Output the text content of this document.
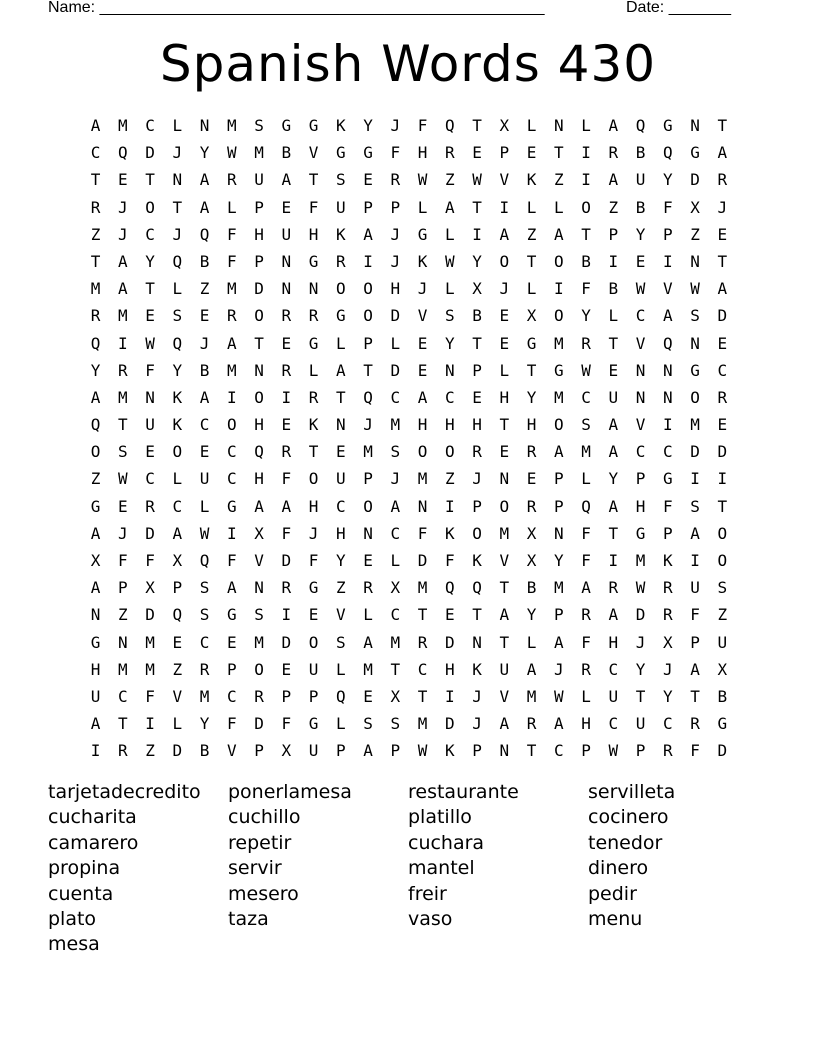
Name: __________________________________________________	Date: _______
Spanish Words 430
A	M	C	L	N	M	S	G	G	K	Y	J	F	Q	T	X	L	N	L	A	Q	G	N	T
C	Q	D	J	Y	W	M	B	V	G	G	F	H	R	E	P	E	T	I	R	B	Q	G	A
T	E	T	N	A	R	U	A	T	S	E	R	W	Z	W	V	K	Z	I	A	U	Y	D	R
R	J	O	T	A	L	P	E	F	U	P	P	L	A	T	I	L	L	O	Z	B	F	X	J
Z	J	C	J	Q	F	H	U	H	K	A	J	G	L	I	A	Z	A	T	P	Y	P	Z	E
T	A	Y	Q	B	F	P	N	G	R	I	J	K	W	Y	O	T	O	B	I	E	I	N	T
M	A	T	L	Z	M	D	N	N	O	O	H	J	L	X	J	L	I	F	B	W	V	W	A
R	M	E	S	E	R	O	R	R	G	O	D	V	S	B	E	X	O	Y	L	C	A	S	D
Q	I	W	Q	J	A	T	E	G	L	P	L	E	Y	T	E	G	M	R	T	V	Q	N	E
Y	R	F	Y	B	M	N	R	L	A	T	D	E	N	P	L	T	G	W	E	N	N	G	C
A	M	N	K	A	I	O	I	R	T	Q	C	A	C	E	H	Y	M	C	U	N	N	O	R
Q	T	U	K	C	O	H	E	K	N	J	M	H	H	H	T	H	O	S	A	V	I	M	E
O	S	E	O	E	C	Q	R	T	E	M	S	O	O	R	E	R	A	M	A	C	C	D	D
Z	W	C	L	U	C	H	F	O	U	P	J	M	Z	J	N	E	P	L	Y	P	G	I	I
G	E	R	C	L	G	A	A	H	C	O	A	N	I	P	O	R	P	Q	A	H	F	S	T
A	J	D	A	W	I	X	F	J	H	N	C	F	K	O	M	X	N	F	T	G	P	A	O
X	F	F	X	Q	F	V	D	F	Y	E	L	D	F	K	V	X	Y	F	I	M	K	I	O
A	P	X	P	S	A	N	R	G	Z	R	X	M	Q	Q	T	B	M	A	R	W	R	U	S
N	Z	D	Q	S	G	S	I	E	V	L	C	T	E	T	A	Y	P	R	A	D	R	F	Z
G	N	M	E	C	E	M	D	O	S	A	M	R	D	N	T	L	A	F	H	J	X	P	U
H	M	M	Z	R	P	O	E	U	L	M	T	C	H	K	U	A	J	R	C	Y	J	A	X
U	C	F	V	M	C	R	P	P	Q	E	X	T	I	J	V	M	W	L	U	T	Y	T	B
A	T	I	L	Y	F	D	F	G	L	S	S	M	D	J	A	R	A	H	C	U	C	R	G
I	R	Z	D	B	V	P	X	U	P	A	P	W	K	P	N	T	C	P	W	P	R	F	D
tarjetadecredito	ponerlamesa	restaurante	servilleta
cucharita	cuchillo	platillo	cocinero
camarero	repetir	cuchara	tenedor
propina	servir	mantel	dinero
cuenta	mesero	freir	pedir
plato	taza	vaso	menu
mesa
